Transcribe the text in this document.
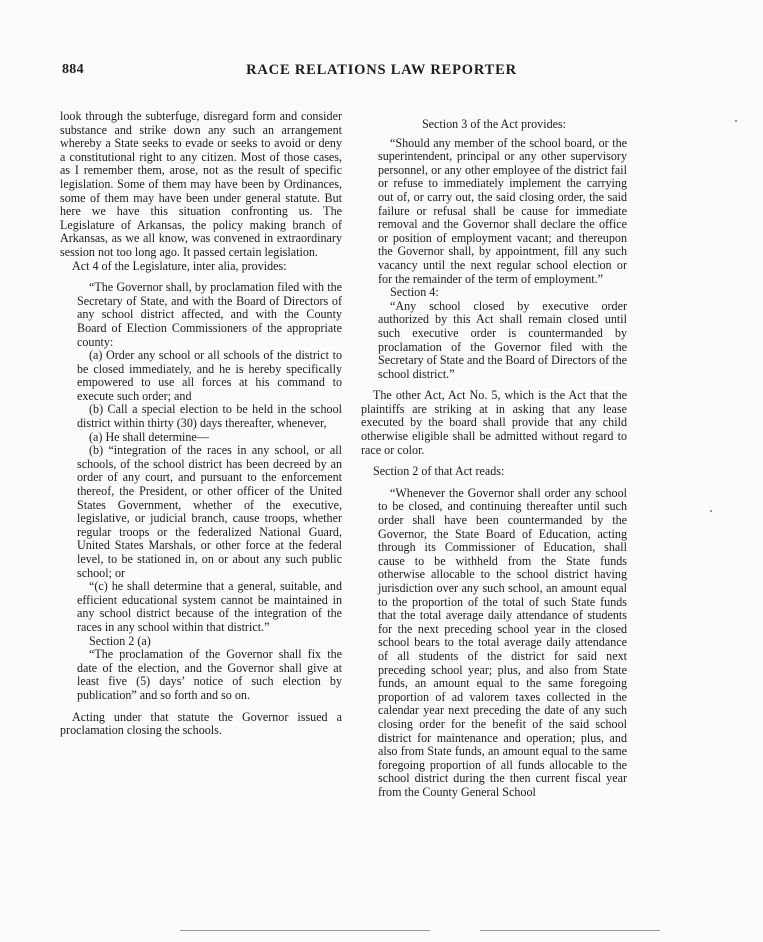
884	RACE RELATIONS LAW REPORTER

look through the subterfuge, disregard form and consider substance and strike down any such an arrangement whereby a State seeks to evade or seeks to avoid or deny a constitutional right to any citizen. Most of those cases, as I remember them, arose, not as the result of specific legislation. Some of them may have been by Ordinances, some of them may have been under general statute. But here we have this situation confronting us. The Legislature of Arkansas, the policy making branch of Arkansas, as we all know, was convened in extraordinary session not too long ago. It passed certain legislation.

Act 4 of the Legislature, inter alia, provides:

“The Governor shall, by proclamation filed with the Secretary of State, and with the Board of Directors of any school district affected, and with the County Board of Election Commissioners of the appropriate county:

(a) Order any school or all schools of the district to be closed immediately, and he is hereby specifically empowered to use all forces at his command to execute such order; and

(b) Call a special election to be held in the school district within thirty (30) days thereafter, whenever,

(a) He shall determine—

(b) “integration of the races in any school, or all schools, of the school district has been decreed by an order of any court, and pursuant to the enforcement thereof, the President, or other officer of the United States Government, whether of the executive, legislative, or judicial branch, cause troops, whether regular troops or the federalized National Guard, United States Marshals, or other force at the federal level, to be stationed in, on or about any such public school; or

“(c) he shall determine that a general, suitable, and efficient educational system cannot be maintained in any school district because of the integration of the races in any school within that district.”

Section 2 (a)

“The proclamation of the Governor shall fix the date of the election, and the Governor shall give at least five (5) days’ notice of such election by publication” and so forth and so on.

Acting under that statute the Governor issued a proclamation closing the schools.

Section 3 of the Act provides:

“Should any member of the school board, or the superintendent, principal or any other supervisory personnel, or any other employee of the district fail or refuse to immediately implement the carrying out of, or carry out, the said closing order, the said failure or refusal shall be cause for immediate removal and the Governor shall declare the office or position of employment vacant; and thereupon the Governor shall, by appointment, fill any such vacancy until the next regular school election or for the remainder of the term of employment.”

Section 4:

“Any school closed by executive order authorized by this Act shall remain closed until such executive order is countermanded by proclamation of the Governor filed with the Secretary of State and the Board of Directors of the school district.”

The other Act, Act No. 5, which is the Act that the plaintiffs are striking at in asking that any lease executed by the board shall provide that any child otherwise eligible shall be admitted without regard to race or color.

Section 2 of that Act reads:

“Whenever the Governor shall order any school to be closed, and continuing thereafter until such order shall have been countermanded by the Governor, the State Board of Education, acting through its Commissioner of Education, shall cause to be withheld from the State funds otherwise allocable to the school district having jurisdiction over any such school, an amount equal to the proportion of the total of such State funds that the total average daily attendance of students for the next preceding school year in the closed school bears to the total average daily attendance of all students of the district for said next preceding school year; plus, and also from State funds, an amount equal to the same foregoing proportion of ad valorem taxes collected in the calendar year next preceding the date of any such closing order for the benefit of the said school district for maintenance and operation; plus, and also from State funds, an amount equal to the same foregoing proportion of all funds allocable to the school district during the then current fiscal year from the County General School
